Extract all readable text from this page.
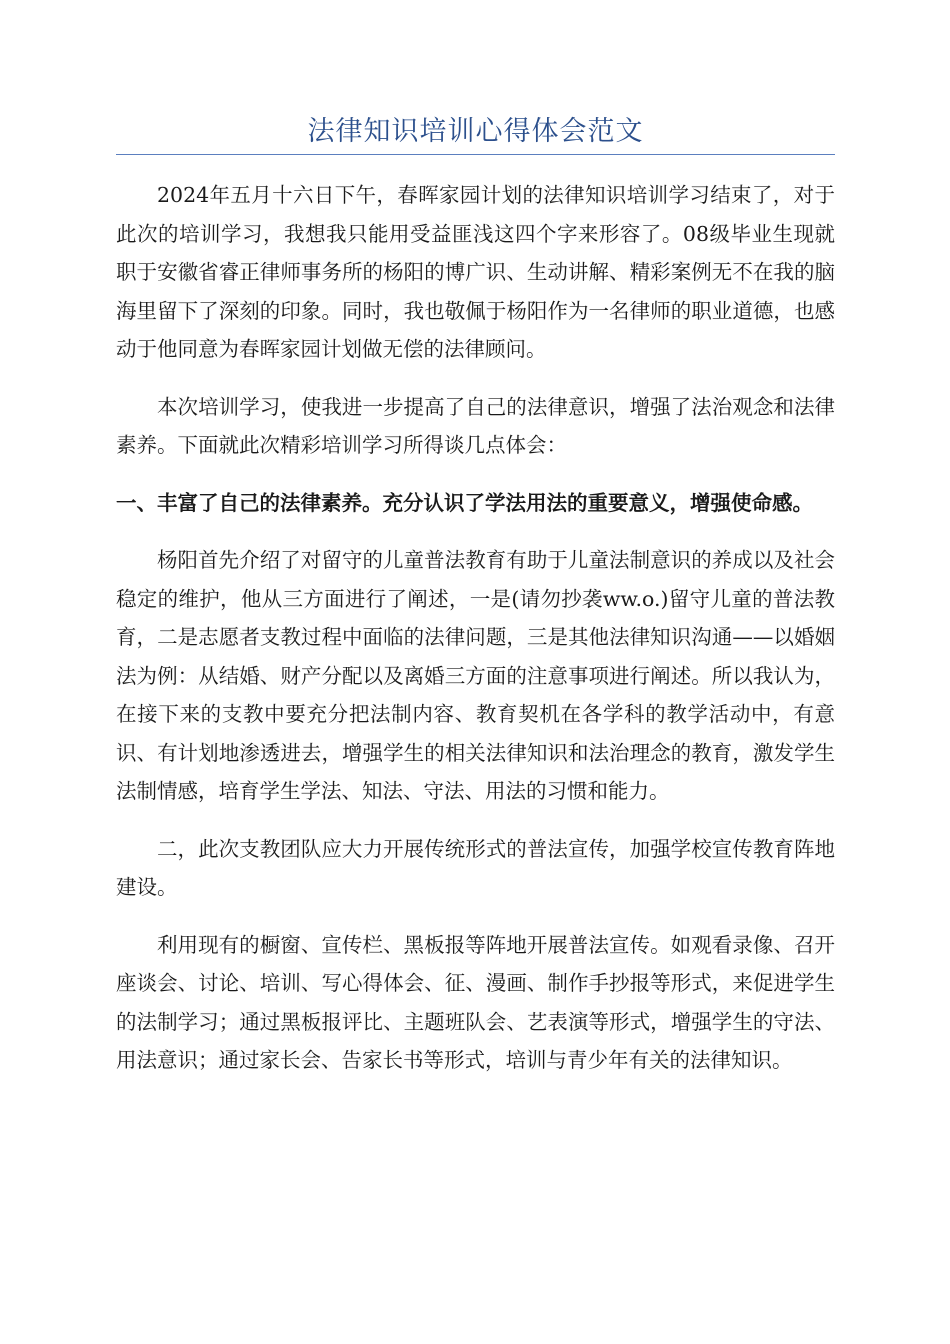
法律知识培训心得体会范文

2024年五月十六日下午，春晖家园计划的法律知识培训学习结束了，对于此次的培训学习，我想我只能用受益匪浅这四个字来形容了。08级毕业生现就职于安徽省睿正律师事务所的杨阳的博广识、生动讲解、精彩案例无不在我的脑海里留下了深刻的印象。同时，我也敬佩于杨阳作为一名律师的职业道德，也感动于他同意为春晖家园计划做无偿的法律顾问。

本次培训学习，使我进一步提高了自己的法律意识，增强了法治观念和法律素养。下面就此次精彩培训学习所得谈几点体会：

一、丰富了自己的法律素养。充分认识了学法用法的重要意义，增强使命感。

杨阳首先介绍了对留守的儿童普法教育有助于儿童法制意识的养成以及社会稳定的维护，他从三方面进行了阐述，一是(请勿抄袭ww.o.)留守儿童的普法教育，二是志愿者支教过程中面临的法律问题，三是其他法律知识沟通——以婚姻法为例：从结婚、财产分配以及离婚三方面的注意事项进行阐述。所以我认为，在接下来的支教中要充分把法制内容、教育契机在各学科的教学活动中，有意识、有计划地渗透进去，增强学生的相关法律知识和法治理念的教育，激发学生法制情感，培育学生学法、知法、守法、用法的习惯和能力。

二，此次支教团队应大力开展传统形式的普法宣传，加强学校宣传教育阵地建设。

利用现有的橱窗、宣传栏、黑板报等阵地开展普法宣传。如观看录像、召开座谈会、讨论、培训、写心得体会、征、漫画、制作手抄报等形式，来促进学生的法制学习；通过黑板报评比、主题班队会、艺表演等形式，增强学生的守法、用法意识；通过家长会、告家长书等形式，培训与青少年有关的法律知识。
